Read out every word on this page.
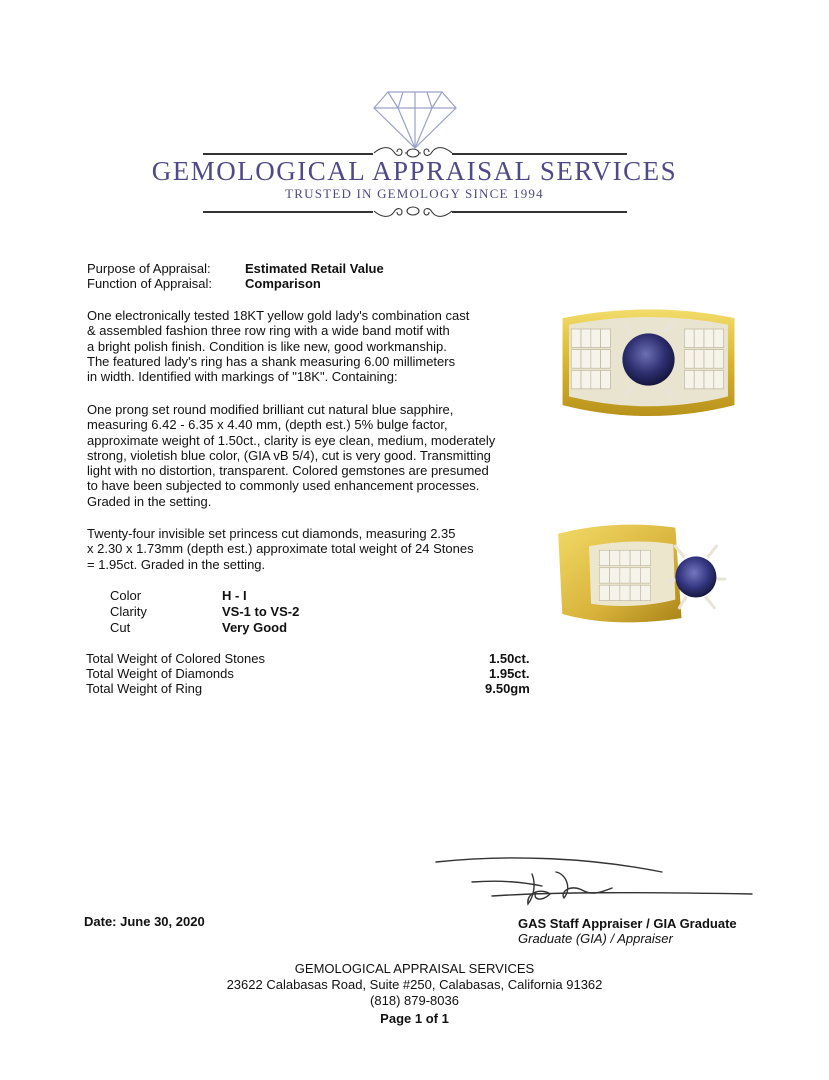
GEMOLOGICAL APPRAISAL SERVICES
TRUSTED IN GEMOLOGY SINCE 1994
Purpose of Appraisal:	Estimated Retail Value
Function of Appraisal:	Comparison
One electronically tested 18KT yellow gold lady's combination cast
& assembled fashion three row ring with a wide band motif with
a bright polish finish. Condition is like new, good workmanship.
The featured lady's ring has a shank measuring 6.00 millimeters
in width. Identified with markings of "18K". Containing:
One prong set round modified brilliant cut natural blue sapphire,
measuring 6.42 - 6.35 x 4.40 mm, (depth est.) 5% bulge factor,
approximate weight of 1.50ct., clarity is eye clean, medium, moderately
strong, violetish blue color, (GIA vB 5/4), cut is very good. Transmitting
light with no distortion, transparent. Colored gemstones are presumed
to have been subjected to commonly used enhancement processes.
Graded in the setting.
Twenty-four invisible set princess cut diamonds, measuring 2.35
x 2.30 x 1.73mm (depth est.) approximate total weight of 24 Stones
= 1.95ct. Graded in the setting.
Color	H - I
Clarity	VS-1 to VS-2
Cut	Very Good
Total Weight of Colored Stones	1.50ct.
Total Weight of Diamonds	1.95ct.
Total Weight of Ring	9.50gm
Date: June 30, 2020	GAS Staff Appraiser / GIA Graduate
Graduate (GIA) / Appraiser
GEMOLOGICAL APPRAISAL SERVICES
23622 Calabasas Road, Suite #250, Calabasas, California 91362
(818) 879-8036
Page 1 of 1
